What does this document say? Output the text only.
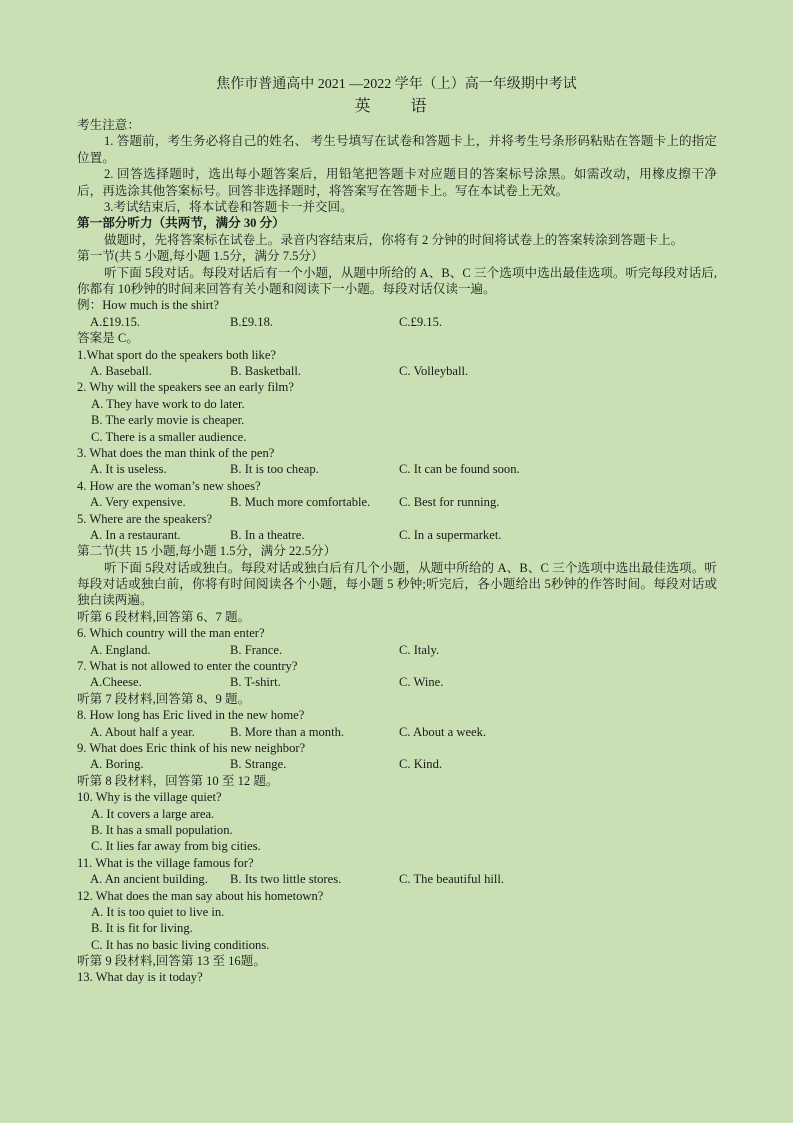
焦作市普通高中 2021 —2022 学年（上）高一年级期中考试
英　语
考生注意：
1. 答题前，考生务必将自己的姓名、 考生号填写在试卷和答题卡上，并将考生号条形码粘贴在答题卡上的指定位置。
2. 回答选择题时，选出每小题答案后，用铅笔把答题卡对应题目的答案标号涂黑。如需改动，用橡皮擦干净后，再选涂其他答案标号。回答非选择题时，将答案写在答题卡上。写在本试卷上无效。
3.考试结束后，将本试卷和答题卡一并交回。
第一部分听力（共两节，满分 30 分）
做题时，先将答案标在试卷上。录音内容结束后，你将有 2 分钟的时间将试卷上的答案转涂到答题卡上。
第一节(共 5 小题,每小题 1.5分，满分 7.5分）
听下面 5段对话。每段对话后有一个小题，从题中所给的 A、B、C 三个选项中选出最佳选项。听完每段对话后,你都有 10秒钟的时间来回答有关小题和阅读下一小题。每段对话仅读一遍。
例：How much is the shirt?
A.£19.15.	B.£9.18.	C.£9.15.
答案是 C。
1.What sport do the speakers both like?
A. Baseball.	B. Basketball.	C. Volleyball.
2. Why will the speakers see an early film?
A. They have work to do later.
B. The early movie is cheaper.
C. There is a smaller audience.
3. What does the man think of the pen?
A. It is useless.	B. It is too cheap.	C. It can be found soon.
4. How are the woman’s new shoes?
A. Very expensive.	B. Much more comfortable.	C. Best for running.
5. Where are the speakers?
A. In a restaurant.	B. In a theatre.	C. In a supermarket.
第二节(共 15 小题,每小题 1.5分，满分 22.5分）
听下面 5段对话或独白。每段对话或独白后有几个小题，从题中所给的 A、B、C 三个选项中选出最佳选项。听每段对话或独白前，你将有时间阅读各个小题，每小题 5 秒钟;听完后，各小题给出 5秒钟的作答时间。每段对话或独白读两遍。
听第 6 段材料,回答第 6、7 题。
6. Which country will the man enter?
A. England.	B. France.	C. Italy.
7. What is not allowed to enter the country?
A.Cheese.	B. T-shirt.	C. Wine.
听第 7 段材料,回答第 8、9 题。
8. How long has Eric lived in the new home?
A. About half a year.	B. More than a month.	C. About a week.
9. What does Eric think of his new neighbor?
A. Boring.	B. Strange.	C. Kind.
听第 8 段材料，回答第 10 至 12 题。
10. Why is the village quiet?
A. It covers a large area.
B. It has a small population.
C. It lies far away from big cities.
11. What is the village famous for?
A. An ancient building.	B. Its two little stores.	C. The beautiful hill.
12. What does the man say about his hometown?
A. It is too quiet to live in.
B. It is fit for living.
C. It has no basic living conditions.
听第 9 段材料,回答第 13 至 16题。
13. What day is it today?
